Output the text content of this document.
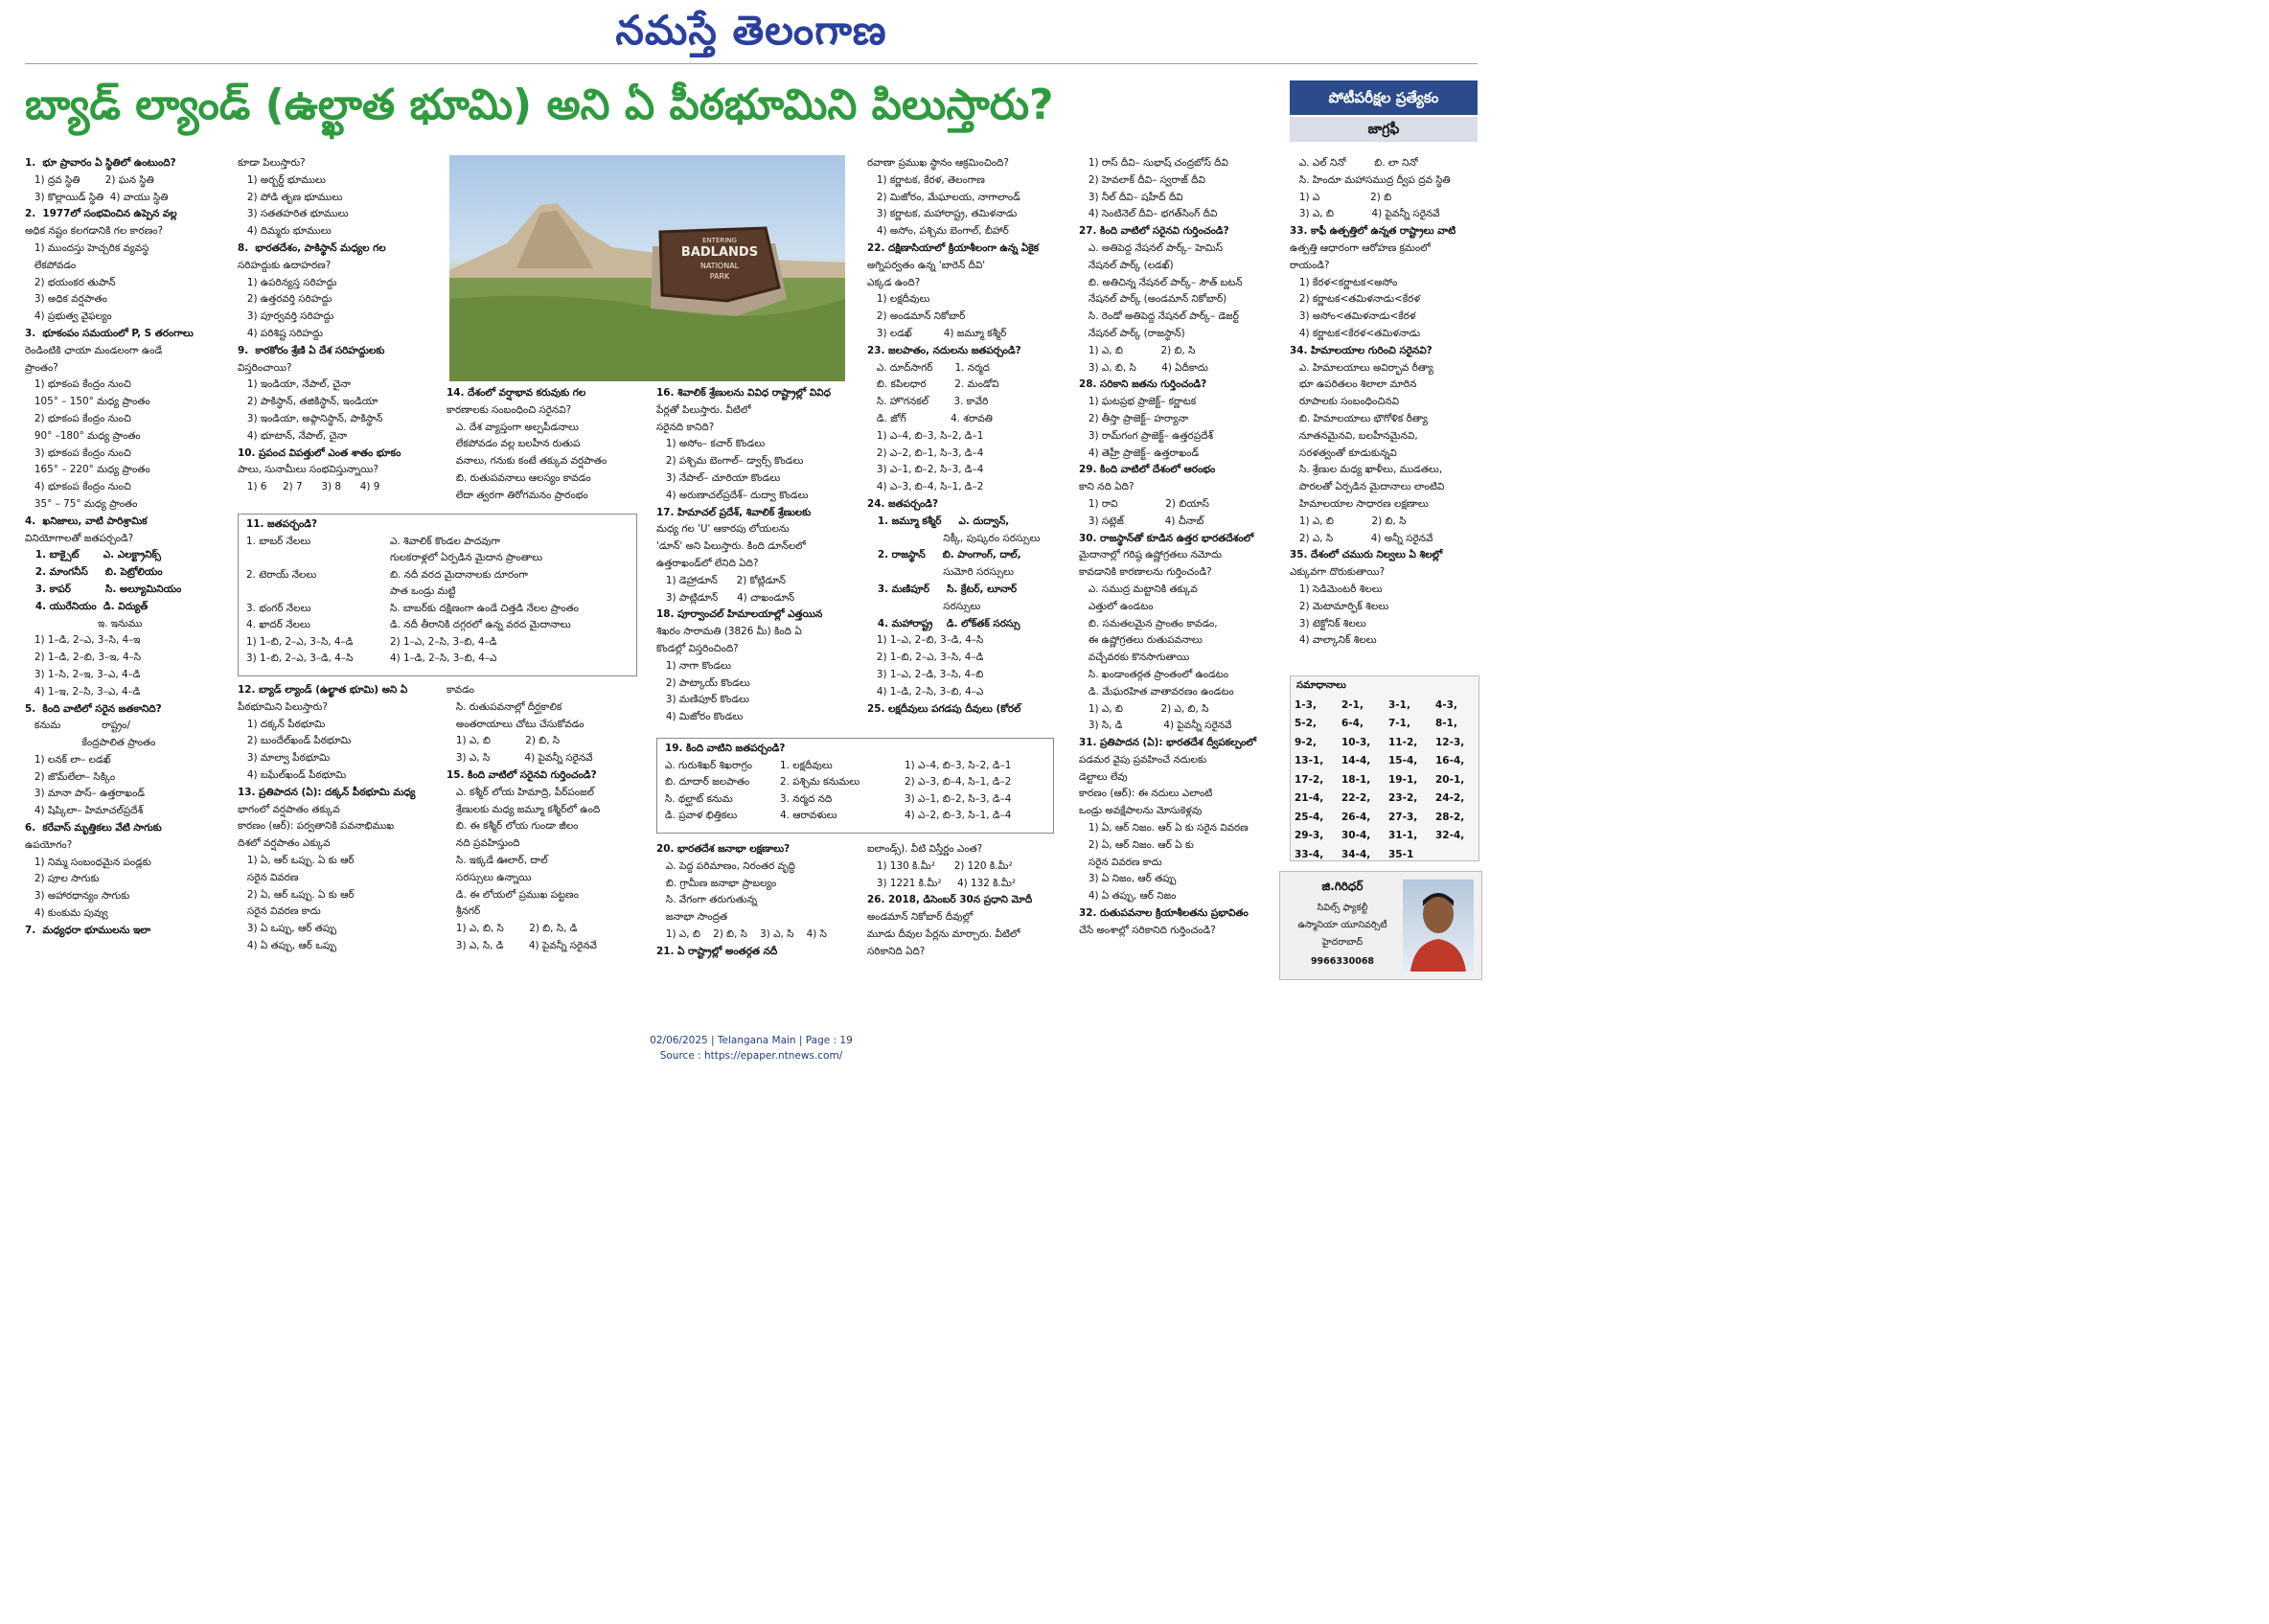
నమస్తే తెలంగాణ
బ్యాడ్ ల్యాండ్ (ఉల్ఖాత భూమి) అని ఏ పీఠభూమిని పిలుస్తారు?	పోటీపరీక్షల ప్రత్యేకం
జాగ్రఫీ
1.  భూ ప్రావారం ఏ స్థితిలో ఉంటుంది?
1) ద్రవ స్థితి        2) ఘన స్థితి
3) కొల్లాయిడ్ స్థితి  4) వాయు స్థితి
2.  1977లో సంభవించిన ఉప్పెన వల్ల
అధిక నష్టం కలగడానికి గల కారణం?
1) ముందస్తు హెచ్చరిక వ్యవస్థ
లేకపోవడం
2) భయంకర తుపాన్
3) అధిక వర్షపాతం
4) ప్రభుత్వ వైఫల్యం
3.  భూకంపం సమయంలో P, S తరంగాలు
రెండింటికి ఛాయా మండలంగా ఉండే
ప్రాంతం?
1) భూకంప కేంద్రం నుంచి
105° – 150° మధ్య ప్రాంతం
2) భూకంప కేంద్రం నుంచి
90° –180° మధ్య ప్రాంతం
3) భూకంప కేంద్రం నుంచి
165° – 220° మధ్య ప్రాంతం
4) భూకంప కేంద్రం నుంచి
35° – 75° మధ్య ప్రాంతం
4.  ఖనిజాలు, వాటి పారిశ్రామిక
వినియోగాలతో జతపర్చండి?
1. బాక్సైట్       ఎ. ఎలక్ట్రానిక్స్
2. మాంగనీస్     బి. పెట్రోలియం
3. కాపర్          సి. అల్యూమినియం
4. యురేనియం  డి. విద్యుత్
ఇ. ఇనుము
1) 1–డి, 2–ఎ, 3–సి, 4–ఇ
2) 1–డి, 2–బి, 3–ఇ, 4–సి
3) 1–సి, 2–ఇ, 3–ఎ, 4–డి
4) 1–ఇ, 2–సి, 3–ఎ, 4–డి
5.  కింది వాటిలో సరైన జతకానిది?
కనుమ             రాష్ట్రం/
కేంద్రపాలిత ప్రాంతం
1) లనక్ లా– లడఖ్
2) జొమ్‌లేలా– సిక్కిం
3) మానా పాస్– ఉత్తరాఖండ్
4) షిప్కిలా– హిమాచల్‌ప్రదేశ్
6.  కరేవాస్ మృత్తికలు వేటి సాగుకు
ఉపయోగం?
1) నిమ్మ సంబంధమైన పండ్లకు
2) పూల సాగుకు
3) అహారధాన్యం సాగుకు
4) కుంకుమ పువ్వు
7.  మధ్యధరా భూములను ఇలా
కూడా పిలుస్తారు?
1) అర్బర్డ్ భూములు
2) పోడి తృణ భూములు
3) సతతహరిత భూములు
4) దిమ్మరు భూములు
8.  భారతదేశం, పాకిస్థాన్ మధ్యల గల
సరిహద్దుకు ఉదాహరణ?
1) ఉపరిన్యస్త సరిహద్దు
2) ఉత్తరవర్తి సరిహద్దు
3) పూర్వవర్తి సరిహద్దు
4) పరిశిష్ట సరిహద్దు
9.  కారకోరం శ్రేణి ఏ దేశ సరిహద్దులకు
విస్తరించాయి?
1) ఇండియా, నేపాల్, చైనా
2) పాకిస్థాన్, తజికిస్థాన్, ఇండియా
3) ఇండియా, అఫ్గానిస్థాన్, పాకిస్థాన్
4) భూటాన్, నేపాల్, చైనా
10. ప్రపంచ విపత్తులో ఎంత శాతం భూకం
పాలు, సునామీలు సంభవిస్తున్నాయి?
1) 6     2) 7      3) 8      4) 9
12. బ్యాడ్ ల్యాండ్ (ఉల్ఖాత భూమి) అని ఏ
పీఠభూమిని పిలుస్తారు?
1) దక్కన్ పీఠభూమి
2) బుందేల్‌ఖండ్ పీఠభూమి
3) మాల్వా పీఠభూమి
4) బఘేల్‌ఖండ్ పీఠభూమి
13. ప్రతిపాదన (ఏ): దక్కన్ పీఠభూమి మధ్య
భాగంలో వర్షపాతం తక్కువ
కారణం (ఆర్): పర్వతానికి పవనాభిముఖ
దిశలో వర్షపాతం ఎక్కువ
1) ఏ, ఆర్ ఒప్పు. ఏ కు ఆర్
సరైన వివరణ
2) ఏ, ఆర్ ఒప్పు. ఏ కు ఆర్
సరైన వివరణ కాదు
3) ఏ ఒప్పు, ఆర్ తప్పు
4) ఏ తప్పు, ఆర్ ఒప్పు
14. దేశంలో వర్షాభావ కరువుకు గల
కారణాలకు సంబంధించి సరైనవి?
ఎ. దేశ వ్యాప్తంగా అల్పపీడనాలు
లేకపోవడం వల్ల బలహీన రుతుప
వనాలు, గనుకు కంటే తక్కువ వర్షపాతం
బి. రుతుపవనాలు ఆలస్యం కావడం
లేదా త్వరగా తిరోగమనం ప్రారంభం
కావడం
సి. రుతుపవనాల్లో దీర్ఘకాలిక
అంతరాయాలు చోటు చేసుకోవడం
1) ఎ, బి           2) బి, సి
3) ఎ, సి           4) పైవన్నీ సరైనవే
15. కింది వాటిలో సరైనవి గుర్తించండి?
ఎ. కశ్మీర్ లోయ హిమాద్రి, పీర్‌పంజల్
శ్రేణులకు మధ్య జమ్మూ కశ్మీర్‌లో ఉంది
బి. ఈ కశ్మీర్ లోయ గుండా జీలం
నది ప్రవహిస్తుంది
సి. ఇక్కడే ఊలార్, దాల్
సరస్సులు ఉన్నాయి
డి. ఈ లోయలో ప్రముఖ పట్టణం
శ్రీనగర్
1) ఎ, బి, సి        2) బి, సి, డి
3) ఎ, సి, డి        4) పైవన్నీ సరైనవే
16. శివాలిక్ శ్రేణులను వివిధ రాష్ట్రాల్లో వివిధ
పేర్లతో పిలుస్తారు. వీటిలో
సరైనది కానిది?
1) అసోం– కచార్ కొండలు
2) పశ్చిమ బెంగాల్– డ్వార్స్ కొండలు
3) నేపాల్– చూరియా కొండలు
4) అరుణాచల్‌ప్రదేశ్– దుద్వా కొండలు
17. హిమాచల్ ప్రదేశ్, శివాలిక్ శ్రేణులకు
మధ్య గల 'U' ఆకారపు లోయలను
'డూన్' అని పిలుస్తారు. కింది డూన్‌లలో
ఉత్తరాఖండ్‌లో లేనిది ఏది?
1) డెహ్రాడూన్      2) కోట్లిడూన్
3) పాట్లిడూన్      4) చాఖండూన్
18. పూర్వాంచల్ హిమాలయాల్లో ఎత్తయిన
శిఖరం సారామతి (3826 మీ) కింది ఏ
కొండల్లో విస్తరించింది?
1) నాగా కొండలు
2) పాట్కాయ్ కొండలు
3) మణిపూర్ కొండలు
4) మిజోరం కొండలు
20. భారతదేశ జనాభా లక్షణాలు?
ఎ. పెద్ద పరిమాణం, నిరంతర వృద్ధి
బి. గ్రామీణ జనాభా ప్రాబల్యం
సి. వేగంగా తరుగుతున్న
జనాభా సాంద్రత
1) ఎ, బి    2) బి, సి    3) ఎ, సి    4) సి
21. ఏ రాష్ట్రాల్లో అంతర్గత నదీ
రవాణా ప్రముఖ స్థానం ఆక్రమించింది?
1) కర్ణాటక, కేరళ, తెలంగాణ
2) మిజోరం, మేఘాలయ, నాగాలాండ్
3) కర్ణాటక, మహారాష్ట్ర, తమిళనాడు
4) అసోం, పశ్చిమ బెంగాల్, బీహార్
22. దక్షిణాసియాలో క్రియాశీలంగా ఉన్న ఏకైక
అగ్నిపర్వతం ఉన్న 'బారెన్ దీవి'
ఎక్కడ ఉంది?
1) లక్షదీవులు
2) అండమాన్ నికోబార్
3) లడఖ్          4) జమ్మూ కశ్మీర్
23. జలపాతం, నదులను జతపర్చండి?
ఎ. దూద్‌సాగర్       1. నర్మద
బి. కపిలధార         2. మండోవి
సి. హొగనకల్        3. కావేరి
డి. జోగ్              4. శరావతి
1) ఎ–4, బి–3, సి–2, డి–1
2) ఎ–2, బి–1, సి–3, డి–4
3) ఎ–1, బి–2, సి–3, డి–4
4) ఎ–3, బి–4, సి–1, డి–2
24. జతపర్చండి?
1. జమ్మూ కశ్మీర్     ఎ. దుద్వాన్,
నిక్కీ, పుష్కరం సరస్సులు
2. రాజస్థాన్     బి. పాంగాంగ్, దాల్,
సుమోరి సరస్సులు
3. మణిపూర్     సి. క్రేటర్, లూనార్
సరస్సులు
4. మహారాష్ట్ర    డి. లోక్‌తక్ సరస్సు
1) 1–ఎ, 2–బి, 3–డి, 4–సి
2) 1–బి, 2–ఎ, 3–సి, 4–డి
3) 1–ఎ, 2–డి, 3–సి, 4–బి
4) 1–డి, 2–సి, 3–బి, 4–ఎ
25. లక్షదీవులు పగడపు దీవులు (కోరల్
ఐలాండ్స్). వీటి విస్తీర్ణం ఎంత?
1) 130 కి.మీ²      2) 120 కి.మీ²
3) 1221 కి.మీ²     4) 132 కి.మీ²
26. 2018, డిసెంబర్ 30న ప్రధాని మోదీ
అండమాన్ నికోబార్ దీవుల్లో
మూడు దీవుల పేర్లను మార్చారు. వీటిలో
సరికానిది ఏది?
1) రాస్ దీవి– సుభాష్ చంద్రబోస్ దీవి
2) హెవలాక్ దీవి– స్వరాజ్ దీవి
3) నీల్ దీవి– షహీద్ దీవి
4) సెంటినెల్ దీవి– భగత్‌సింగ్ దీవి
27. కింది వాటిలో సరైనవి గుర్తించండి?
ఎ. అతిపెద్ద నేషనల్ పార్క్– హెమిస్
నేషనల్ పార్క్ (లడఖ్)
బి. అతిచిన్న నేషనల్ పార్క్– సౌత్ బటన్
నేషనల్ పార్క్ (అండమాన్ నికోబార్)
సి. రెండో అతిపెద్ద నేషనల్ పార్క్– డెజర్ట్
నేషనల్ పార్క్ (రాజస్థాన్)
1) ఎ, బి            2) బి, సి
3) ఎ, బి, సి        4) ఏదీకాదు
28. సరికాని జతను గుర్తించండి?
1) ఘటప్రభ ప్రాజెక్ట్– కర్ణాటక
2) తీస్తా ప్రాజెక్ట్– హర్యానా
3) రామ్‌గంగ ప్రాజెక్ట్– ఉత్తరప్రదేశ్
4) తెహ్రీ ప్రాజెక్ట్– ఉత్తరాఖండ్
29. కింది వాటిలో దేశంలో ఆరంభం
కాని నది ఏది?
1) రావి               2) బియాస్
3) సట్లెజ్             4) చీనాబ్
30. రాజస్థాన్‌తో కూడిన ఉత్తర భారతదేశంలో
మైదానాల్లో గరిష్ఠ ఉష్ణోగ్రతలు నమోదు
కావడానికి కారణాలను గుర్తించండి?
ఎ. సముద్ర మట్టానికి తక్కువ
ఎత్తులో ఉండటం
బి. సమతలమైన ప్రాంతం కావడం,
ఈ ఉష్ణోగ్రతలు రుతుపవనాలు
వచ్చేవరకు కొనసాగుతాయి
సి. ఖండాంతర్గత ప్రాంతంలో ఉండటం
డి. మేఘరహిత వాతావరణం ఉండటం
1) ఎ, బి            2) ఎ, బి, సి
3) సి, డి             4) పైవన్నీ సరైనవే
31. ప్రతిపాదన (ఏ): భారతదేశ ద్వీపకల్పంలో
పడమర వైపు ప్రవహించే నదులకు
డెల్టాలు లేవు
కారణం (ఆర్): ఈ నదులు ఎలాంటి
ఒండ్రు అవక్షేపాలను మోసుకెళ్లవు
1) ఏ, ఆర్ నిజం. ఆర్ ఏ కు సరైన వివరణ
2) ఏ, ఆర్ నిజం. ఆర్ ఏ కు
సరైన వివరణ కాదు
3) ఏ నిజం, ఆర్ తప్పు
4) ఏ తప్పు, ఆర్ నిజం
32. రుతుపవనాల క్రియాశీలతను ప్రభావితం
చేసే అంశాల్లో సరికానిది గుర్తించండి?
ఎ. ఎల్ నినో         బి. లా నినో
సి. హిందూ మహాసముద్ర ద్వీప ద్రవ స్థితి
1) ఎ                2) బి
3) ఎ, బి            4) పైవన్నీ సరైనవే
33. కాఫీ ఉత్పత్తిలో ఉన్నత రాష్ట్రాలు వాటి
ఉత్పత్తి ఆధారంగా ఆరోహణ క్రమంలో
రాయండి?
1) కేరళ<కర్ణాటక<అసోం
2) కర్ణాటక<తమిళనాడు<కేరళ
3) అసోం<తమిళనాడు<కేరళ
4) కర్ణాటక<కేరళ<తమిళనాడు
34. హిమాలయాల గురించి సరైనవి?
ఎ. హిమాలయాలు అవిర్భావ రీత్యా
భూ ఉపరితలం శిలాలా మారిన
రూపాలకు సంబంధించినవి
బి. హిమాలయాలు భౌగోళిక రీత్యా
నూతనమైనవి, బలహీనమైనవి,
సరళత్వంతో కూడుకున్నవి
సి. శ్రేణుల మధ్య ఖాళీలు, ముడతలు,
పొరలతో ఏర్పడిన మైదానాలు లాంటివి
హిమాలయాల సాధారణ లక్షణాలు
1) ఎ, బి            2) బి, సి
2) ఎ, సి            4) అన్నీ సరైనవే
35. దేశంలో చమురు నిల్వలు ఏ శిలల్లో
ఎక్కువగా దొరుకుతాయి?
1) సెడిమెంటరీ శిలలు
2) మెటామార్ఫిక్ శిలలు
3) టెక్టోనిక్ శిలలు
4) వాల్కానిక్ శిలలు
ENTERING
BADLANDS
NATIONAL
PARK
11. జతపర్చండి?
1. బాబర్ నేలలు	ఎ. శివాలిక్ కొండల పాదవుగా
గులకరాళ్లలో ఏర్పడిన మైదాన ప్రాంతాలు
2. టెరాయ్ నేలలు	బి. నదీ వరద మైదానాలకు దూరంగా
పాత ఒండ్రు మట్టి
3. భంగర్ నేలలు	సి. బాబర్‌కు దక్షిణంగా ఉండే చిత్తడి నేలల ప్రాంతం
4. ఖాదర్ నేలలు	డి. నదీ తీరానికి దగ్గరలో ఉన్న వరద మైదానాలు
1) 1–బి, 2–ఎ, 3–సి, 4–డి	2) 1–ఎ, 2–సి, 3–బి, 4–డి
3) 1–బి, 2–ఎ, 3–డి, 4–సి	4) 1–డి, 2–సి, 3–బి, 4–ఎ
19. కింది వాటిని జతపర్చండి?
ఎ. గురుశిఖర్ శిఖరాగ్రం	1. లక్షదీవులు	1) ఎ–4, బి–3, సి–2, డి–1
బి. దూదార్ జలపాతం	2. పశ్చిమ కనుమలు	2) ఎ–3, బి–4, సి–1, డి–2
సి. థల్ఘాట్ కనుమ	3. నర్మద నది	3) ఎ–1, బి–2, సి–3, డి–4
డి. ప్రవాళ భిత్తికలు	4. ఆరావళులు	4) ఎ–2, బి–3, సి–1, డి–4
సమాధానాలు
1-3,	2-1,	3-1,	4-3,
5-2,	6-4,	7-1,	8-1,
9-2,	10-3,	11-2,	12-3,
13-1,	14-4,	15-4,	16-4,
17-2,	18-1,	19-1,	20-1,
21-4,	22-2,	23-2,	24-2,
25-4,	26-4,	27-3,	28-2,
29-3,	30-4,	31-1,	32-4,
33-4,	34-4,	35-1	
జి.గిరిధర్
సివిల్స్ ఫ్యాకల్టీ
ఉస్మానియా యూనివర్సిటీ
హైదరాబాద్
9966330068
02/06/2025 | Telangana Main | Page : 19
Source : https://epaper.ntnews.com/
